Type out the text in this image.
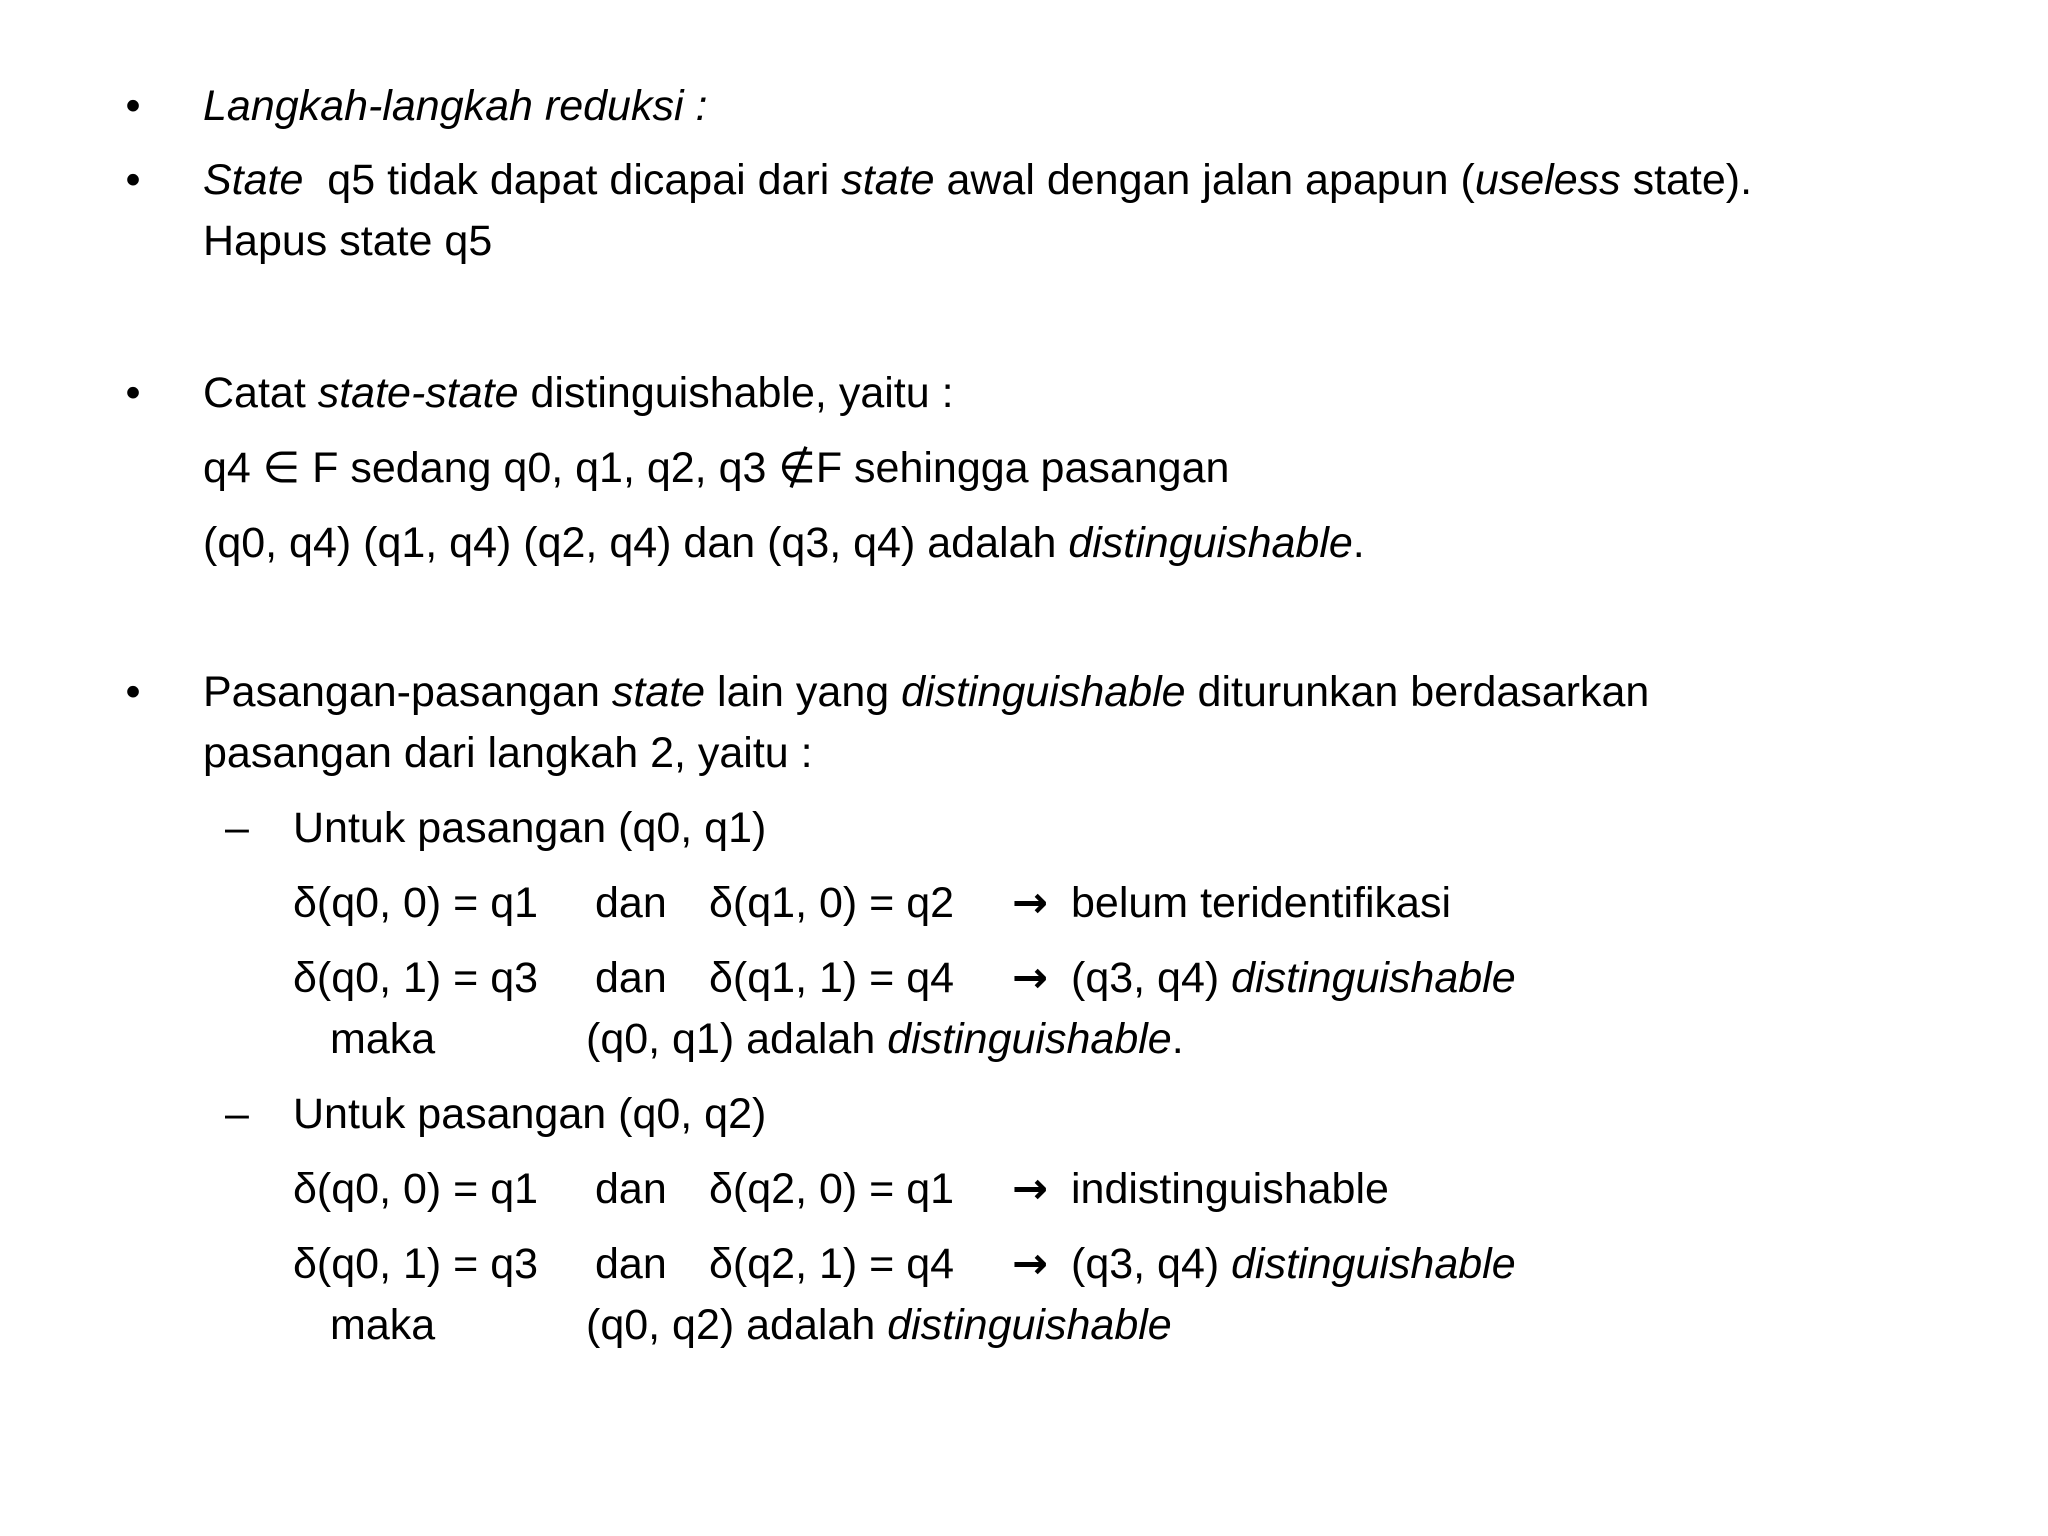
• Langkah-langkah reduksi :

• State  q5 tidak dapat dicapai dari state awal dengan jalan apapun (useless state).

Hapus state q5

• Catat state-state distinguishable, yaitu :

q4 ∈ F sedang q0, q1, q2, q3 ∉F sehingga pasangan

(q0, q4) (q1, q4) (q2, q4) dan (q3, q4) adalah distinguishable.

• Pasangan-pasangan state lain yang distinguishable diturunkan berdasarkan

pasangan dari langkah 2, yaitu :

– Untuk pasangan (q0, q1)

δ(q0, 0) = q1 dan δ(q1, 0) = q2 → belum teridentifikasi

δ(q0, 1) = q3 dan δ(q1, 1) = q4 → (q3, q4) distinguishable

maka	(q0, q1) adalah distinguishable.

– Untuk pasangan (q0, q2)

δ(q0, 0) = q1 dan δ(q2, 0) = q1 → indistinguishable

δ(q0, 1) = q3 dan δ(q2, 1) = q4 → (q3, q4) distinguishable

maka	(q0, q2) adalah distinguishable
